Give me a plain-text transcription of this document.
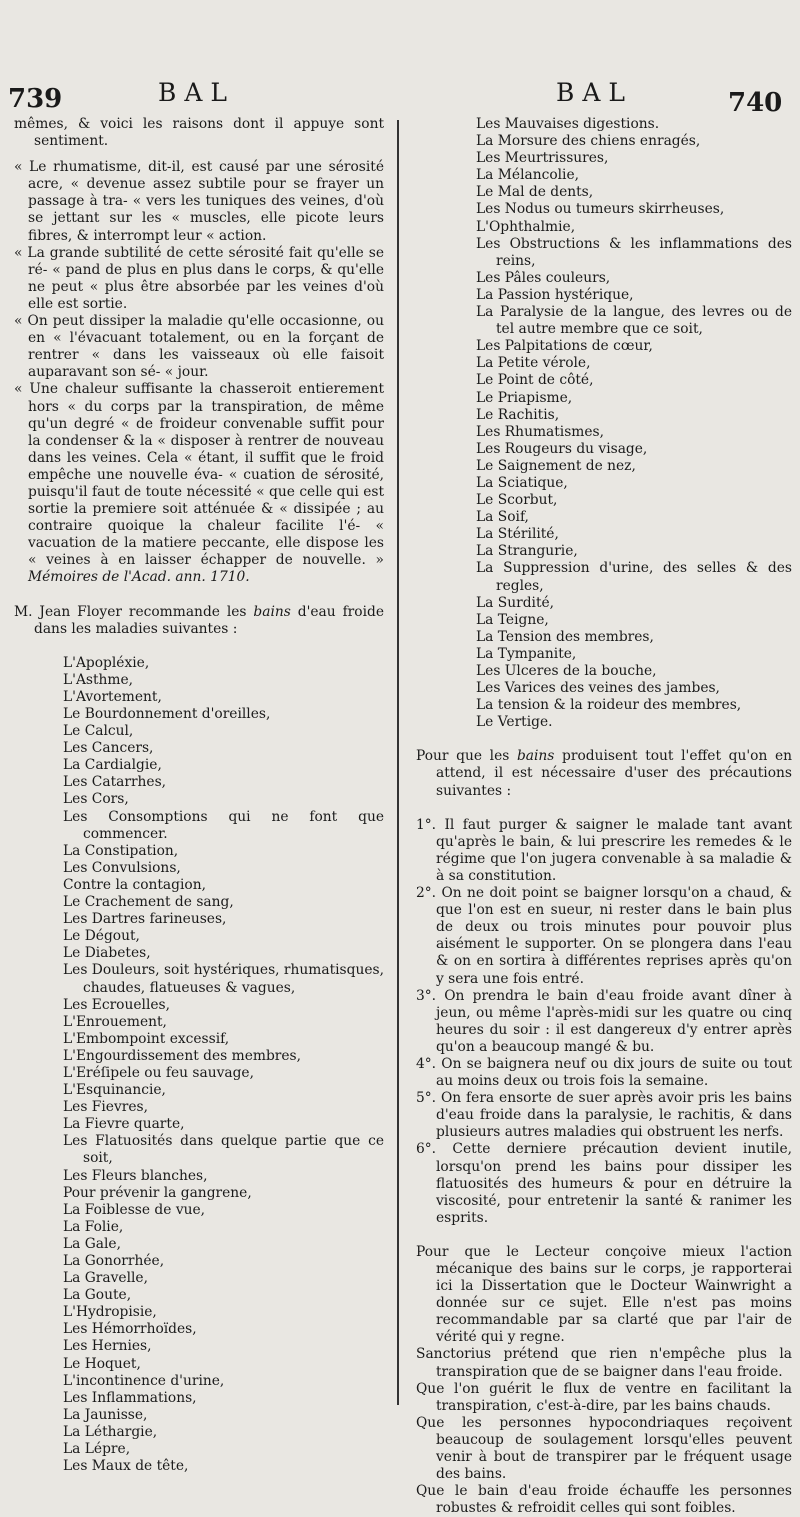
739	BAL	BAL	740

mêmes, & voici les raisons dont il appuye sont sentiment.

« Le rhumatisme, dit-il, est causé par une sérosité acre, « devenue assez subtile pour se frayer un passage à tra- « vers les tuniques des veines, d'où se jettant sur les « muscles, elle picote leurs fibres, & interrompt leur « action.

« La grande subtilité de cette sérosité fait qu'elle se ré- « pand de plus en plus dans le corps, & qu'elle ne peut « plus être absorbée par les veines d'où elle est sortie.

« On peut dissiper la maladie qu'elle occasionne, ou en « l'évacuant totalement, ou en la forçant de rentrer « dans les vaisseaux où elle faisoit auparavant son sé- « jour.

« Une chaleur suffisante la chasseroit entierement hors « du corps par la transpiration, de même qu'un degré « de froideur convenable suffit pour la condenser & la « disposer à rentrer de nouveau dans les veines. Cela « étant, il suffit que le froid empêche une nouvelle éva- « cuation de sérosité, puisqu'il faut de toute nécessité « que celle qui est sortie la premiere soit atténuée & « dissipée ; au contraire quoique la chaleur facilite l'é- « vacuation de la matiere peccante, elle dispose les « veines à en laisser échapper de nouvelle. » Mémoires de l'Acad. ann. 1710.

M. Jean Floyer recommande les bains d'eau froide dans les maladies suivantes :

L'Apopléxie,

L'Asthme,

L'Avortement,

Le Bourdonnement d'oreilles,

Le Calcul,

Les Cancers,

La Cardialgie,

Les Catarrhes,

Les Cors,

Les Consomptions qui ne font que commencer.

La Constipation,

Les Convulsions,

Contre la contagion,

Le Crachement de sang,

Les Dartres farineuses,

Le Dégout,

Le Diabetes,

Les Douleurs, soit hystériques, rhumatisques, chaudes, flatueuses & vagues,

Les Ecrouelles,

L'Enrouement,

L'Embompoint excessif,

L'Engourdissement des membres,

L'Eréſipele ou feu sauvage,

L'Esquinancie,

Les Fievres,

La Fievre quarte,

Les Flatuosités dans quelque partie que ce soit,

Les Fleurs blanches,

Pour prévenir la gangrene,

La Foiblesse de vue,

La Folie,

La Gale,

La Gonorrhée,

La Gravelle,

La Goute,

L'Hydropisie,

Les Hémorrhoïdes,

Les Hernies,

Le Hoquet,

L'incontinence d'urine,

Les Inflammations,

La Jaunisse,

La Léthargie,

La Lépre,

Les Maux de tête,

Les Mauvaises digestions.

La Morsure des chiens enragés,

Les Meurtrissures,

La Mélancolie,

Le Mal de dents,

Les Nodus ou tumeurs skirrheuses,

L'Ophthalmie,

Les Obstructions & les inflammations des reins,

Les Pâles couleurs,

La Passion hystérique,

La Paralysie de la langue, des levres ou de tel autre membre que ce soit,

Les Palpitations de cœur,

La Petite vérole,

Le Point de côté,

Le Priapisme,

Le Rachitis,

Les Rhumatismes,

Les Rougeurs du visage,

Le Saignement de nez,

La Sciatique,

Le Scorbut,

La Soif,

La Stérilité,

La Strangurie,

La Suppression d'urine, des selles & des regles,

La Surdité,

La Teigne,

La Tension des membres,

La Tympanite,

Les Ulceres de la bouche,

Les Varices des veines des jambes,

La tension & la roideur des membres,

Le Vertige.

Pour que les bains produisent tout l'effet qu'on en attend, il est nécessaire d'user des précautions suivantes :

1°. Il faut purger & saigner le malade tant avant qu'après le bain, & lui prescrire les remedes & le régime que l'on jugera convenable à sa maladie & à sa constitution.

2°. On ne doit point se baigner lorsqu'on a chaud, & que l'on est en sueur, ni rester dans le bain plus de deux ou trois minutes pour pouvoir plus aisément le supporter. On se plongera dans l'eau & on en sortira à différentes reprises après qu'on y sera une fois entré.

3°. On prendra le bain d'eau froide avant dîner à jeun, ou même l'après-midi sur les quatre ou cinq heures du soir : il est dangereux d'y entrer après qu'on a beaucoup mangé & bu.

4°. On se baignera neuf ou dix jours de suite ou tout au moins deux ou trois fois la semaine.

5°. On fera ensorte de suer après avoir pris les bains d'eau froide dans la paralysie, le rachitis, & dans plusieurs autres maladies qui obstruent les nerfs.

6°. Cette derniere précaution devient inutile, lorsqu'on prend les bains pour dissiper les flatuosités des humeurs & pour en détruire la viscosité, pour entretenir la santé & ranimer les esprits.

Pour que le Lecteur conçoive mieux l'action mécanique des bains sur le corps, je rapporterai ici la Dissertation que le Docteur Wainwright a donnée sur ce sujet. Elle n'est pas moins recommandable par sa clarté que par l'air de vérité qui y regne.

Sanctorius prétend que rien n'empêche plus la transpiration que de se baigner dans l'eau froide.

Que l'on guérit le flux de ventre en facilitant la transpiration, c'est-à-dire, par les bains chauds.

Que les personnes hypocondriaques reçoivent beaucoup de soulagement lorsqu'elles peuvent venir à bout de transpirer par le fréquent usage des bains.

Que le bain d'eau froide échauffe les personnes robustes & refroidit celles qui sont foibles.
